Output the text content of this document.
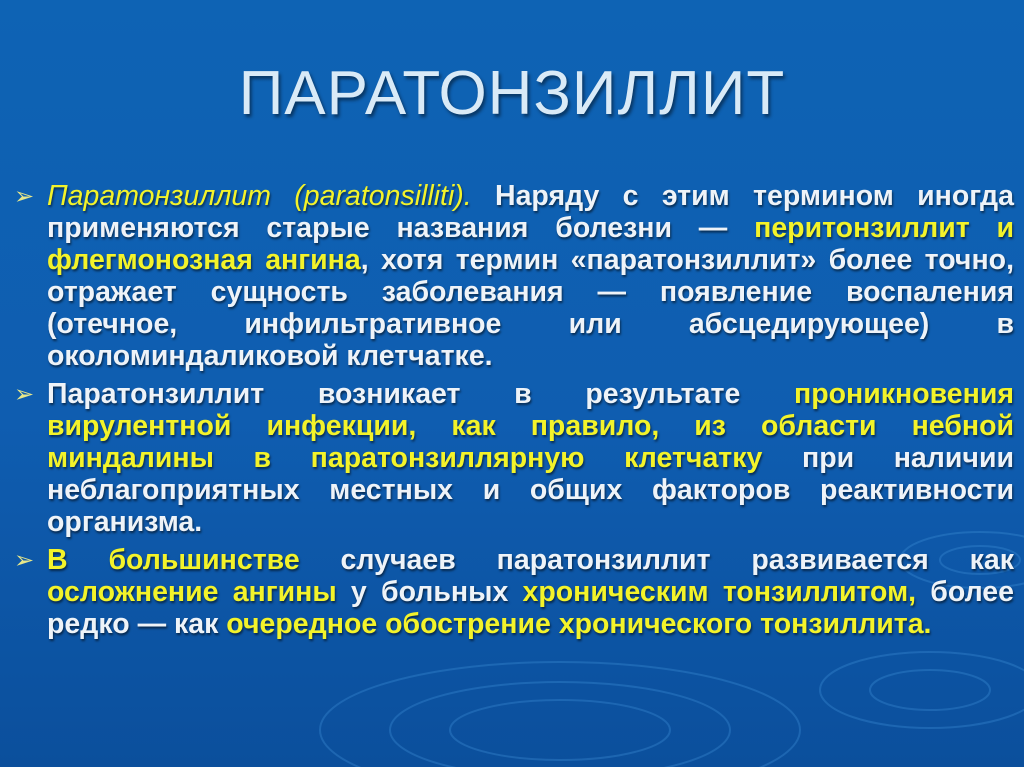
ПАРАТОНЗИЛЛИТ
➢ Паратонзиллит (paratonsilliti). Наряду с этим термином иногда применяются старые названия болезни — перитонзиллит и флегмонозная ангина, хотя термин «паратонзиллит» более точно, отражает сущность заболевания — появление воспаления (отечное, инфильтративное или абсцедирующее) в околоминдаликовой клетчатке.
➢ Паратонзиллит возникает в результате проникновения вирулентной инфекции, как правило, из области небной миндалины в паратонзиллярную клетчатку при наличии неблагоприятных местных и общих факторов реактивности организма.
➢ В большинстве случаев паратонзиллит развивается как осложнение ангины у больных хроническим тонзиллитом, более редко — как очередное обострение хронического тонзиллита.
